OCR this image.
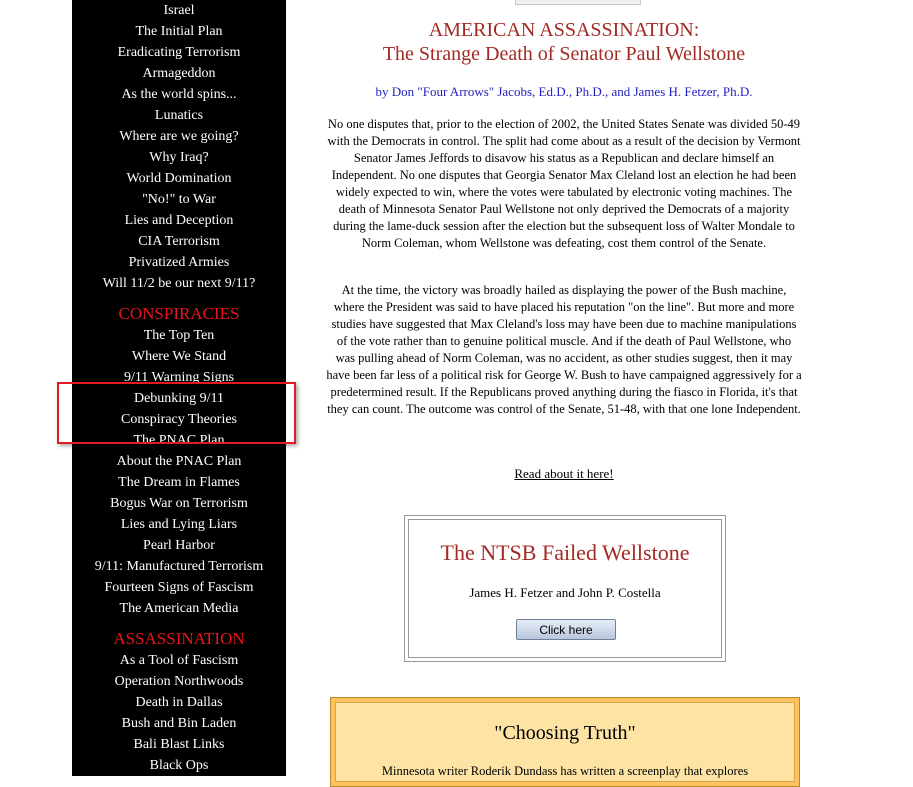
Israel
The Initial Plan
Eradicating Terrorism
Armageddon
As the world spins...
Lunatics
Where are we going?
Why Iraq?
World Domination
"No!" to War
Lies and Deception
CIA Terrorism
Privatized Armies
Will 11/2 be our next 9/11?
CONSPIRACIES
The Top Ten
Where We Stand
9/11 Warning Signs
Debunking 9/11
Conspiracy Theories
The PNAC Plan
About the PNAC Plan
The Dream in Flames
Bogus War on Terrorism
Lies and Lying Liars
Pearl Harbor
9/11: Manufactured Terrorism
Fourteen Signs of Fascism
The American Media
ASSASSINATION
As a Tool of Fascism
Operation Northwoods
Death in Dallas
Bush and Bin Laden
Bali Blast Links
Black Ops
AMERICAN ASSASSINATION:
The Strange Death of Senator Paul Wellstone

by Don "Four Arrows" Jacobs, Ed.D., Ph.D., and James H. Fetzer, Ph.D.

No one disputes that, prior to the election of 2002, the United States Senate was divided 50-49 with the Democrats in control. The split had come about as a result of the decision by Vermont Senator James Jeffords to disavow his status as a Republican and declare himself an Independent. No one disputes that Georgia Senator Max Cleland lost an election he had been widely expected to win, where the votes were tabulated by electronic voting machines. The death of Minnesota Senator Paul Wellstone not only deprived the Democrats of a majority during the lame-duck session after the election but the subsequent loss of Walter Mondale to Norm Coleman, whom Wellstone was defeating, cost them control of the Senate.

At the time, the victory was broadly hailed as displaying the power of the Bush machine, where the President was said to have placed his reputation "on the line". But more and more studies have suggested that Max Cleland's loss may have been due to machine manipulations of the vote rather than to genuine political muscle. And if the death of Paul Wellstone, who was pulling ahead of Norm Coleman, was no accident, as other studies suggest, then it may have been far less of a political risk for George W. Bush to have campaigned aggressively for a predetermined result. If the Republicans proved anything during the fiasco in Florida, it's that they can count. The outcome was control of the Senate, 51-48, with that one lone Independent.

Read about it here!
The NTSB Failed Wellstone
James H. Fetzer and John P. Costella
Click here
"Choosing Truth"
Minnesota writer Roderik Dundass has written a screenplay that explores
